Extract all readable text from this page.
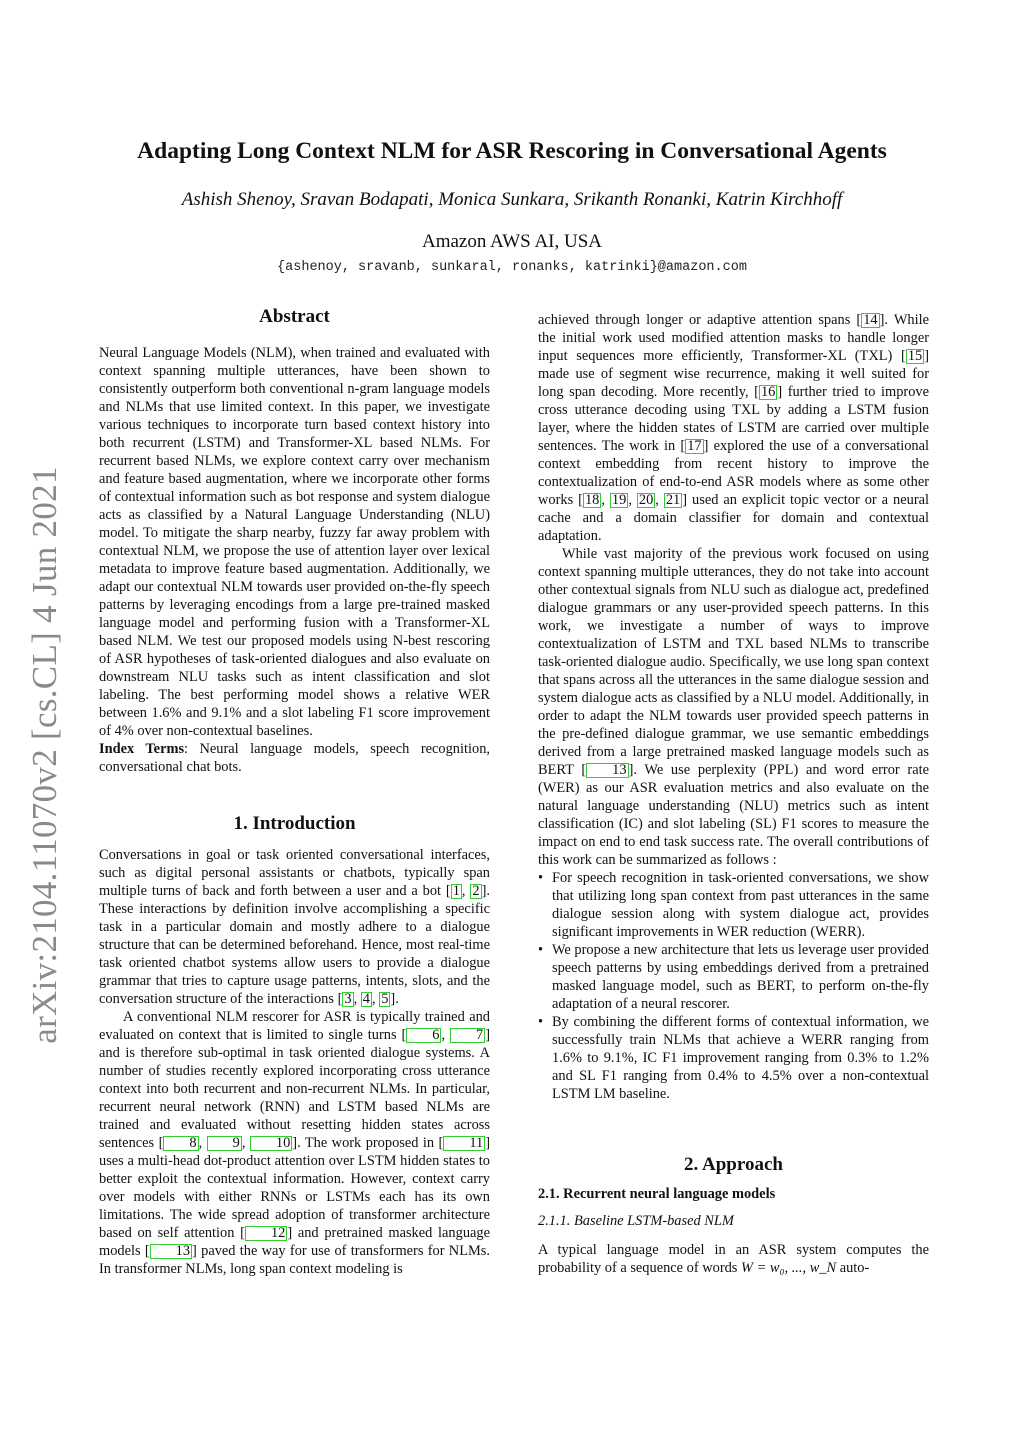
arXiv:2104.11070v2 [cs.CL] 4 Jun 2021
Adapting Long Context NLM for ASR Rescoring in Conversational Agents
Ashish Shenoy, Sravan Bodapati, Monica Sunkara, Srikanth Ronanki, Katrin Kirchhoff
Amazon AWS AI, USA
{ashenoy, sravanb, sunkaral, ronanks, katrinki}@amazon.com
Abstract

Neural Language Models (NLM), when trained and evaluated with context spanning multiple utterances, have been shown to consistently outperform both conventional n-gram language models and NLMs that use limited context. In this paper, we investigate various techniques to incorporate turn based context history into both recurrent (LSTM) and Transformer-XL based NLMs. For recurrent based NLMs, we explore context carry over mechanism and feature based augmentation, where we incorporate other forms of contextual information such as bot response and system dialogue acts as classified by a Natural Language Understanding (NLU) model. To mitigate the sharp nearby, fuzzy far away problem with contextual NLM, we propose the use of attention layer over lexical metadata to improve feature based augmentation. Additionally, we adapt our contextual NLM towards user provided on-the-fly speech patterns by leveraging encodings from a large pre-trained masked language model and performing fusion with a Transformer-XL based NLM. We test our proposed models using N-best rescoring of ASR hypotheses of task-oriented dialogues and also evaluate on downstream NLU tasks such as intent classification and slot labeling. The best performing model shows a relative WER between 1.6% and 9.1% and a slot labeling F1 score improvement of 4% over non-contextual baselines.

Index Terms: Neural language models, speech recognition, conversational chat bots.

1. Introduction

Conversations in goal or task oriented conversational interfaces, such as digital personal assistants or chatbots, typically span multiple turns of back and forth between a user and a bot [ 1 , 2 ]. These interactions by definition involve accomplishing a specific task in a particular domain and mostly adhere to a dialogue structure that can be determined beforehand. Hence, most real-time task oriented chatbot systems allow users to provide a dialogue grammar that tries to capture usage patterns, intents, slots, and the conversation structure of the interactions [ 3 , 4 , 5 ].

A conventional NLM rescorer for ASR is typically trained and evaluated on context that is limited to single turns [ 6 , 7 ] and is therefore sub-optimal in task oriented dialogue systems. A number of studies recently explored incorporating cross utterance context into both recurrent and non-recurrent NLMs. In particular, recurrent neural network (RNN) and LSTM based NLMs are trained and evaluated without resetting hidden states across sentences [ 8 , 9 , 10 ]. The work proposed in [ 11 ] uses a multi-head dot-product attention over LSTM hidden states to better exploit the contextual information. However, context carry over models with either RNNs or LSTMs each has its own limitations. The wide spread adoption of transformer architecture based on self attention [ 12 ] and pretrained masked language models [ 13 ] paved the way for use of transformers for NLMs. In transformer NLMs, long span context modeling is

achieved through longer or adaptive attention spans [ 14 ]. While the initial work used modified attention masks to handle longer input sequences more efficiently, Transformer-XL (TXL) [ 15 ] made use of segment wise recurrence, making it well suited for long span decoding. More recently, [ 16 ] further tried to improve cross utterance decoding using TXL by adding a LSTM fusion layer, where the hidden states of LSTM are carried over multiple sentences. The work in [ 17 ] explored the use of a conversational context embedding from recent history to improve the contextualization of end-to-end ASR models where as some other works [ 18 , 19 , 20 , 21 ] used an explicit topic vector or a neural cache and a domain classifier for domain and contextual adaptation.

While vast majority of the previous work focused on using context spanning multiple utterances, they do not take into account other contextual signals from NLU such as dialogue act, predefined dialogue grammars or any user-provided speech patterns. In this work, we investigate a number of ways to improve contextualization of LSTM and TXL based NLMs to transcribe task-oriented dialogue audio. Specifically, we use long span context that spans across all the utterances in the same dialogue session and system dialogue acts as classified by a NLU model. Additionally, in order to adapt the NLM towards user provided speech patterns in the pre-defined dialogue grammar, we use semantic embeddings derived from a large pretrained masked language models such as BERT [ 13 ]. We use perplexity (PPL) and word error rate (WER) as our ASR evaluation metrics and also evaluate on the natural language understanding (NLU) metrics such as intent classification (IC) and slot labeling (SL) F1 scores to measure the impact on end to end task success rate. The overall contributions of this work can be summarized as follows :

• For speech recognition in task-oriented conversations, we show that utilizing long span context from past utterances in the same dialogue session along with system dialogue act, provides significant improvements in WER reduction (WERR).
• We propose a new architecture that lets us leverage user provided speech patterns by using embeddings derived from a pretrained masked language model, such as BERT, to perform on-the-fly adaptation of a neural rescorer.
• By combining the different forms of contextual information, we successfully train NLMs that achieve a WERR ranging from 1.6% to 9.1%, IC F1 improvement ranging from 0.3% to 1.2% and SL F1 ranging from 0.4% to 4.5% over a non-contextual LSTM LM baseline.
2. Approach
2.1. Recurrent neural language models
2.1.1. Baseline LSTM-based NLM

A typical language model in an ASR system computes the probability of a sequence of words W = w₀, ..., w_N auto-
